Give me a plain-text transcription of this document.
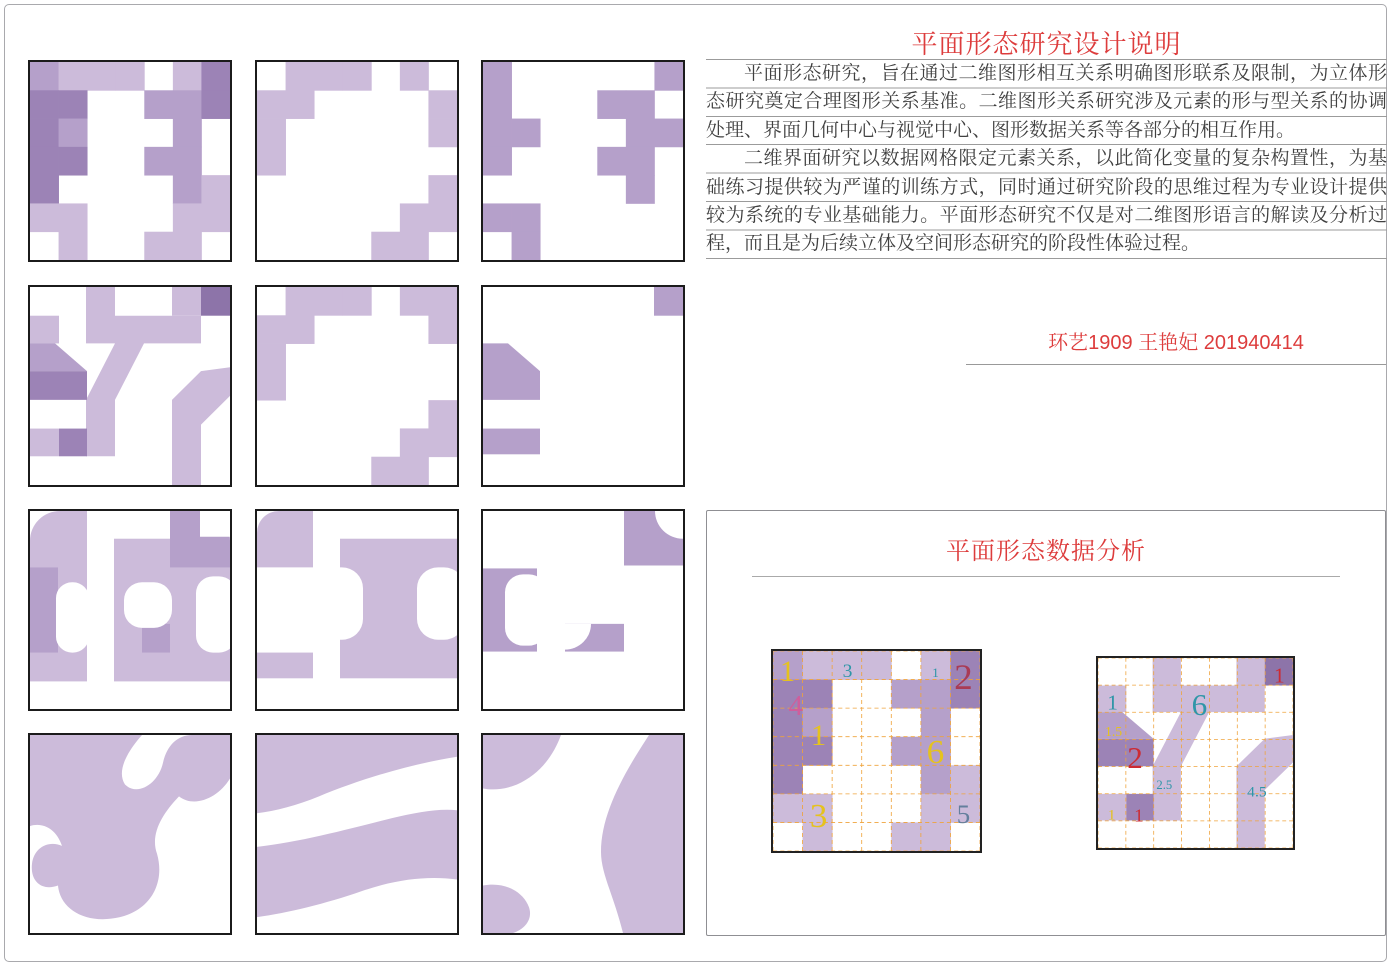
平面形态研究设计说明

平面形态研究，旨在通过二维图形相互关系明确图形联系及限制，为立体形态研究奠定合理图形关系基准。二维图形关系研究涉及元素的形与型关系的协调处理、界面几何中心与视觉中心、图形数据关系等各部分的相互作用。

二维界面研究以数据网格限定元素关系，以此简化变量的复杂构置性，为基础练习提供较为严谨的训练方式，同时通过研究阶段的思维过程为专业设计提供较为系统的专业基础能力。平面形态研究不仅是对二维图形语言的解读及分析过程，而且是为后续立体及空间形态研究的阶段性体验过程。

环艺1909 王艳妃 201940414
平面形态数据分析
1 3	1 2
4
1	6
3	5
1
1 6
1.5
2
2.5
1 1
4.5
